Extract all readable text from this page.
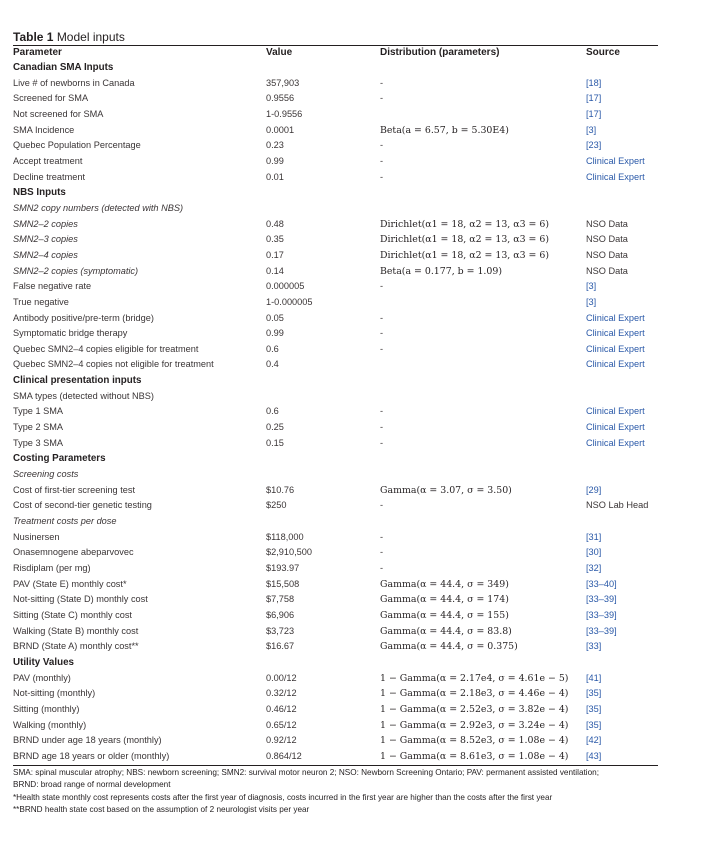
Table 1 Model inputs
Parameter	Value	Distribution (parameters)	Source
Canadian SMA Inputs			
Live # of newborns in Canada	357,903	-	[18]
Screened for SMA	0.9556	-	[17]
Not screened for SMA	1-0.9556		[17]
SMA Incidence	0.0001	Beta(a = 6.57, b = 5.30E4)	[3]
Quebec Population Percentage	0.23	-	[23]
Accept treatment	0.99	-	Clinical Expert
Decline treatment	0.01	-	Clinical Expert
NBS Inputs			
SMN2 copy numbers (detected with NBS)			
SMN2–2 copies	0.48	Dirichlet(α1 = 18, α2 = 13, α3 = 6)	NSO Data
SMN2–3 copies	0.35	Dirichlet(α1 = 18, α2 = 13, α3 = 6)	NSO Data
SMN2–4 copies	0.17	Dirichlet(α1 = 18, α2 = 13, α3 = 6)	NSO Data
SMN2–2 copies (symptomatic)	0.14	Beta(a = 0.177, b = 1.09)	NSO Data
False negative rate	0.000005	-	[3]
True negative	1-0.000005		[3]
Antibody positive/pre-term (bridge)	0.05	-	Clinical Expert
Symptomatic bridge therapy	0.99	-	Clinical Expert
Quebec SMN2–4 copies eligible for treatment	0.6	-	Clinical Expert
Quebec SMN2–4 copies not eligible for treatment	0.4		Clinical Expert
Clinical presentation inputs			
SMA types (detected without NBS)			
Type 1 SMA	0.6	-	Clinical Expert
Type 2 SMA	0.25	-	Clinical Expert
Type 3 SMA	0.15	-	Clinical Expert
Costing Parameters			
Screening costs			
Cost of first-tier screening test	$10.76	Gamma(α = 3.07, σ = 3.50)	[29]
Cost of second-tier genetic testing	$250	-	NSO Lab Head
Treatment costs per dose			
Nusinersen	$118,000	-	[31]
Onasemnogene abeparvovec	$2,910,500	-	[30]
Risdiplam (per mg)	$193.97	-	[32]
PAV (State E) monthly cost*	$15,508	Gamma(α = 44.4, σ = 349)	[33–40]
Not-sitting (State D) monthly cost	$7,758	Gamma(α = 44.4, σ = 174)	[33–39]
Sitting (State C) monthly cost	$6,906	Gamma(α = 44.4, σ = 155)	[33–39]
Walking (State B) monthly cost	$3,723	Gamma(α = 44.4, σ = 83.8)	[33–39]
BRND (State A) monthly cost**	$16.67	Gamma(α = 44.4, σ = 0.375)	[33]
Utility Values			
PAV (monthly)	0.00/12	1 − Gamma(α = 2.17e4, σ = 4.61e − 5)	[41]
Not-sitting (monthly)	0.32/12	1 − Gamma(α = 2.18e3, σ = 4.46e − 4)	[35]
Sitting (monthly)	0.46/12	1 − Gamma(α = 2.52e3, σ = 3.82e − 4)	[35]
Walking (monthly)	0.65/12	1 − Gamma(α = 2.92e3, σ = 3.24e − 4)	[35]
BRND under age 18 years (monthly)	0.92/12	1 − Gamma(α = 8.52e3, σ = 1.08e − 4)	[42]
BRND age 18 years or older (monthly)	0.864/12	1 − Gamma(α = 8.61e3, σ = 1.08e − 4)	[43]
SMA: spinal muscular atrophy; NBS: newborn screening; SMN2: survival motor neuron 2; NSO: Newborn Screening Ontario; PAV: permanent assisted ventilation;
BRND: broad range of normal development
*Health state monthly cost represents costs after the first year of diagnosis, costs incurred in the first year are higher than the costs after the first year
**BRND health state cost based on the assumption of 2 neurologist visits per year
